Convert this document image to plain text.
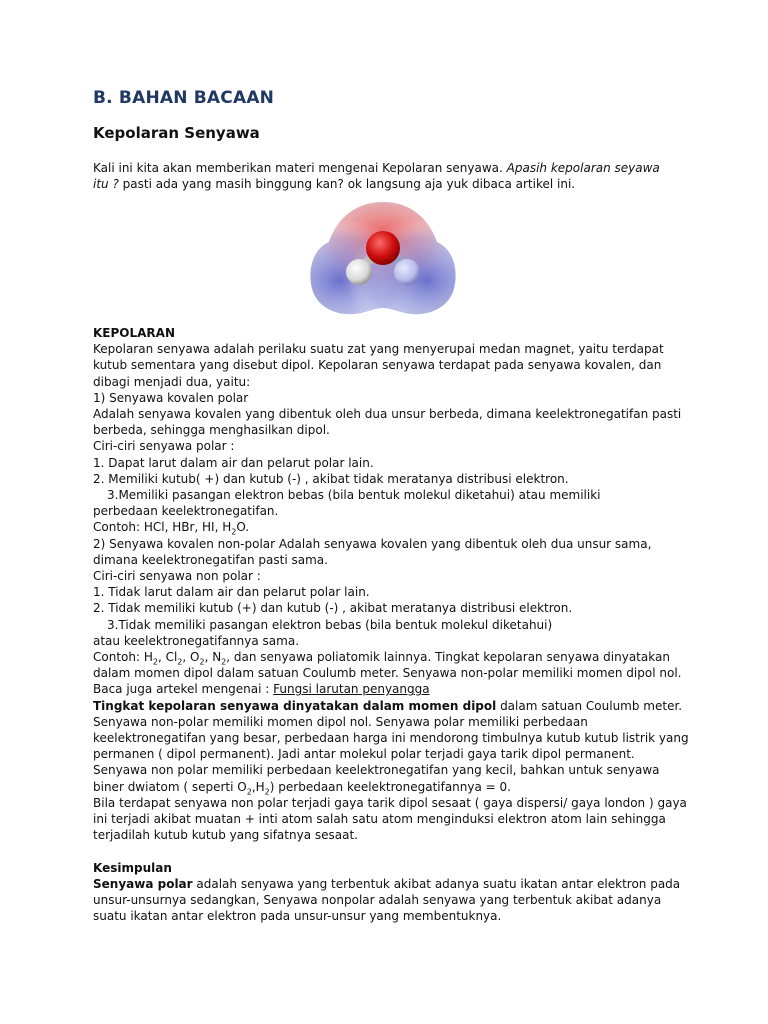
B. BAHAN BACAAN
Kepolaran Senyawa

Kali ini kita akan memberikan materi mengenai Kepolaran senyawa. Apasih kepolaran seyawa itu ? pasti ada yang masih binggung kan? ok langsung aja yuk dibaca artikel ini.

KEPOLARAN

Kepolaran senyawa adalah perilaku suatu zat yang menyerupai medan magnet, yaitu terdapat kutub sementara yang disebut dipol. Kepolaran senyawa terdapat pada senyawa kovalen, dan dibagi menjadi dua, yaitu:

1) Senyawa kovalen polar

Adalah senyawa kovalen yang dibentuk oleh dua unsur berbeda, dimana keelektronegatifan pasti berbeda, sehingga menghasilkan dipol.

Ciri-ciri senyawa polar :

1. Dapat larut dalam air dan pelarut polar lain.

2. Memiliki kutub( +) dan kutub (-) , akibat tidak meratanya distribusi elektron.

3.Memiliki pasangan elektron bebas (bila bentuk molekul diketahui) atau memiliki

perbedaan keelektronegatifan.

Contoh: HCl, HBr, HI, $H_2O$.

2) Senyawa kovalen non-polar Adalah senyawa kovalen yang dibentuk oleh dua unsur sama, dimana keelektronegatifan pasti sama.

Ciri-ciri senyawa non polar :

1. Tidak larut dalam air dan pelarut polar lain.

2. Tidak memiliki kutub (+) dan kutub (-) , akibat meratanya distribusi elektron.

3.Tidak memiliki pasangan elektron bebas (bila bentuk molekul diketahui)

atau keelektronegatifannya sama.

Contoh: $H_2$, $Cl_2$, $O_2$, $N_2$, dan senyawa poliatomik lainnya. Tingkat kepolaran senyawa dinyatakan dalam momen dipol dalam satuan Coulumb meter. Senyawa non-polar memiliki momen dipol nol.

Baca juga artekel mengenai : Fungsi larutan penyangga

Tingkat kepolaran senyawa dinyatakan dalam momen dipol dalam satuan Coulumb meter. Senyawa non-polar memiliki momen dipol nol. Senyawa polar memiliki perbedaan keelektronegatifan yang besar, perbedaan harga ini mendorong timbulnya kutub kutub listrik yang permanen ( dipol permanent). Jadi antar molekul polar terjadi gaya tarik dipol permanent.

Senyawa non polar memiliki perbedaan keelektronegatifan yang kecil, bahkan untuk senyawa biner dwiatom ( seperti $O_2,H_2$) perbedaan keelektronegatifannya = 0.

Bila terdapat senyawa non polar terjadi gaya tarik dipol sesaat ( gaya dispersi/ gaya london ) gaya ini terjadi akibat muatan + inti atom salah satu atom menginduksi elektron atom lain sehingga terjadilah kutub kutub yang sifatnya sesaat.

Kesimpulan

Senyawa polar adalah senyawa yang terbentuk akibat adanya suatu ikatan antar elektron pada unsur-unsurnya sedangkan, Senyawa nonpolar adalah senyawa yang terbentuk akibat adanya suatu ikatan antar elektron pada unsur-unsur yang membentuknya.
